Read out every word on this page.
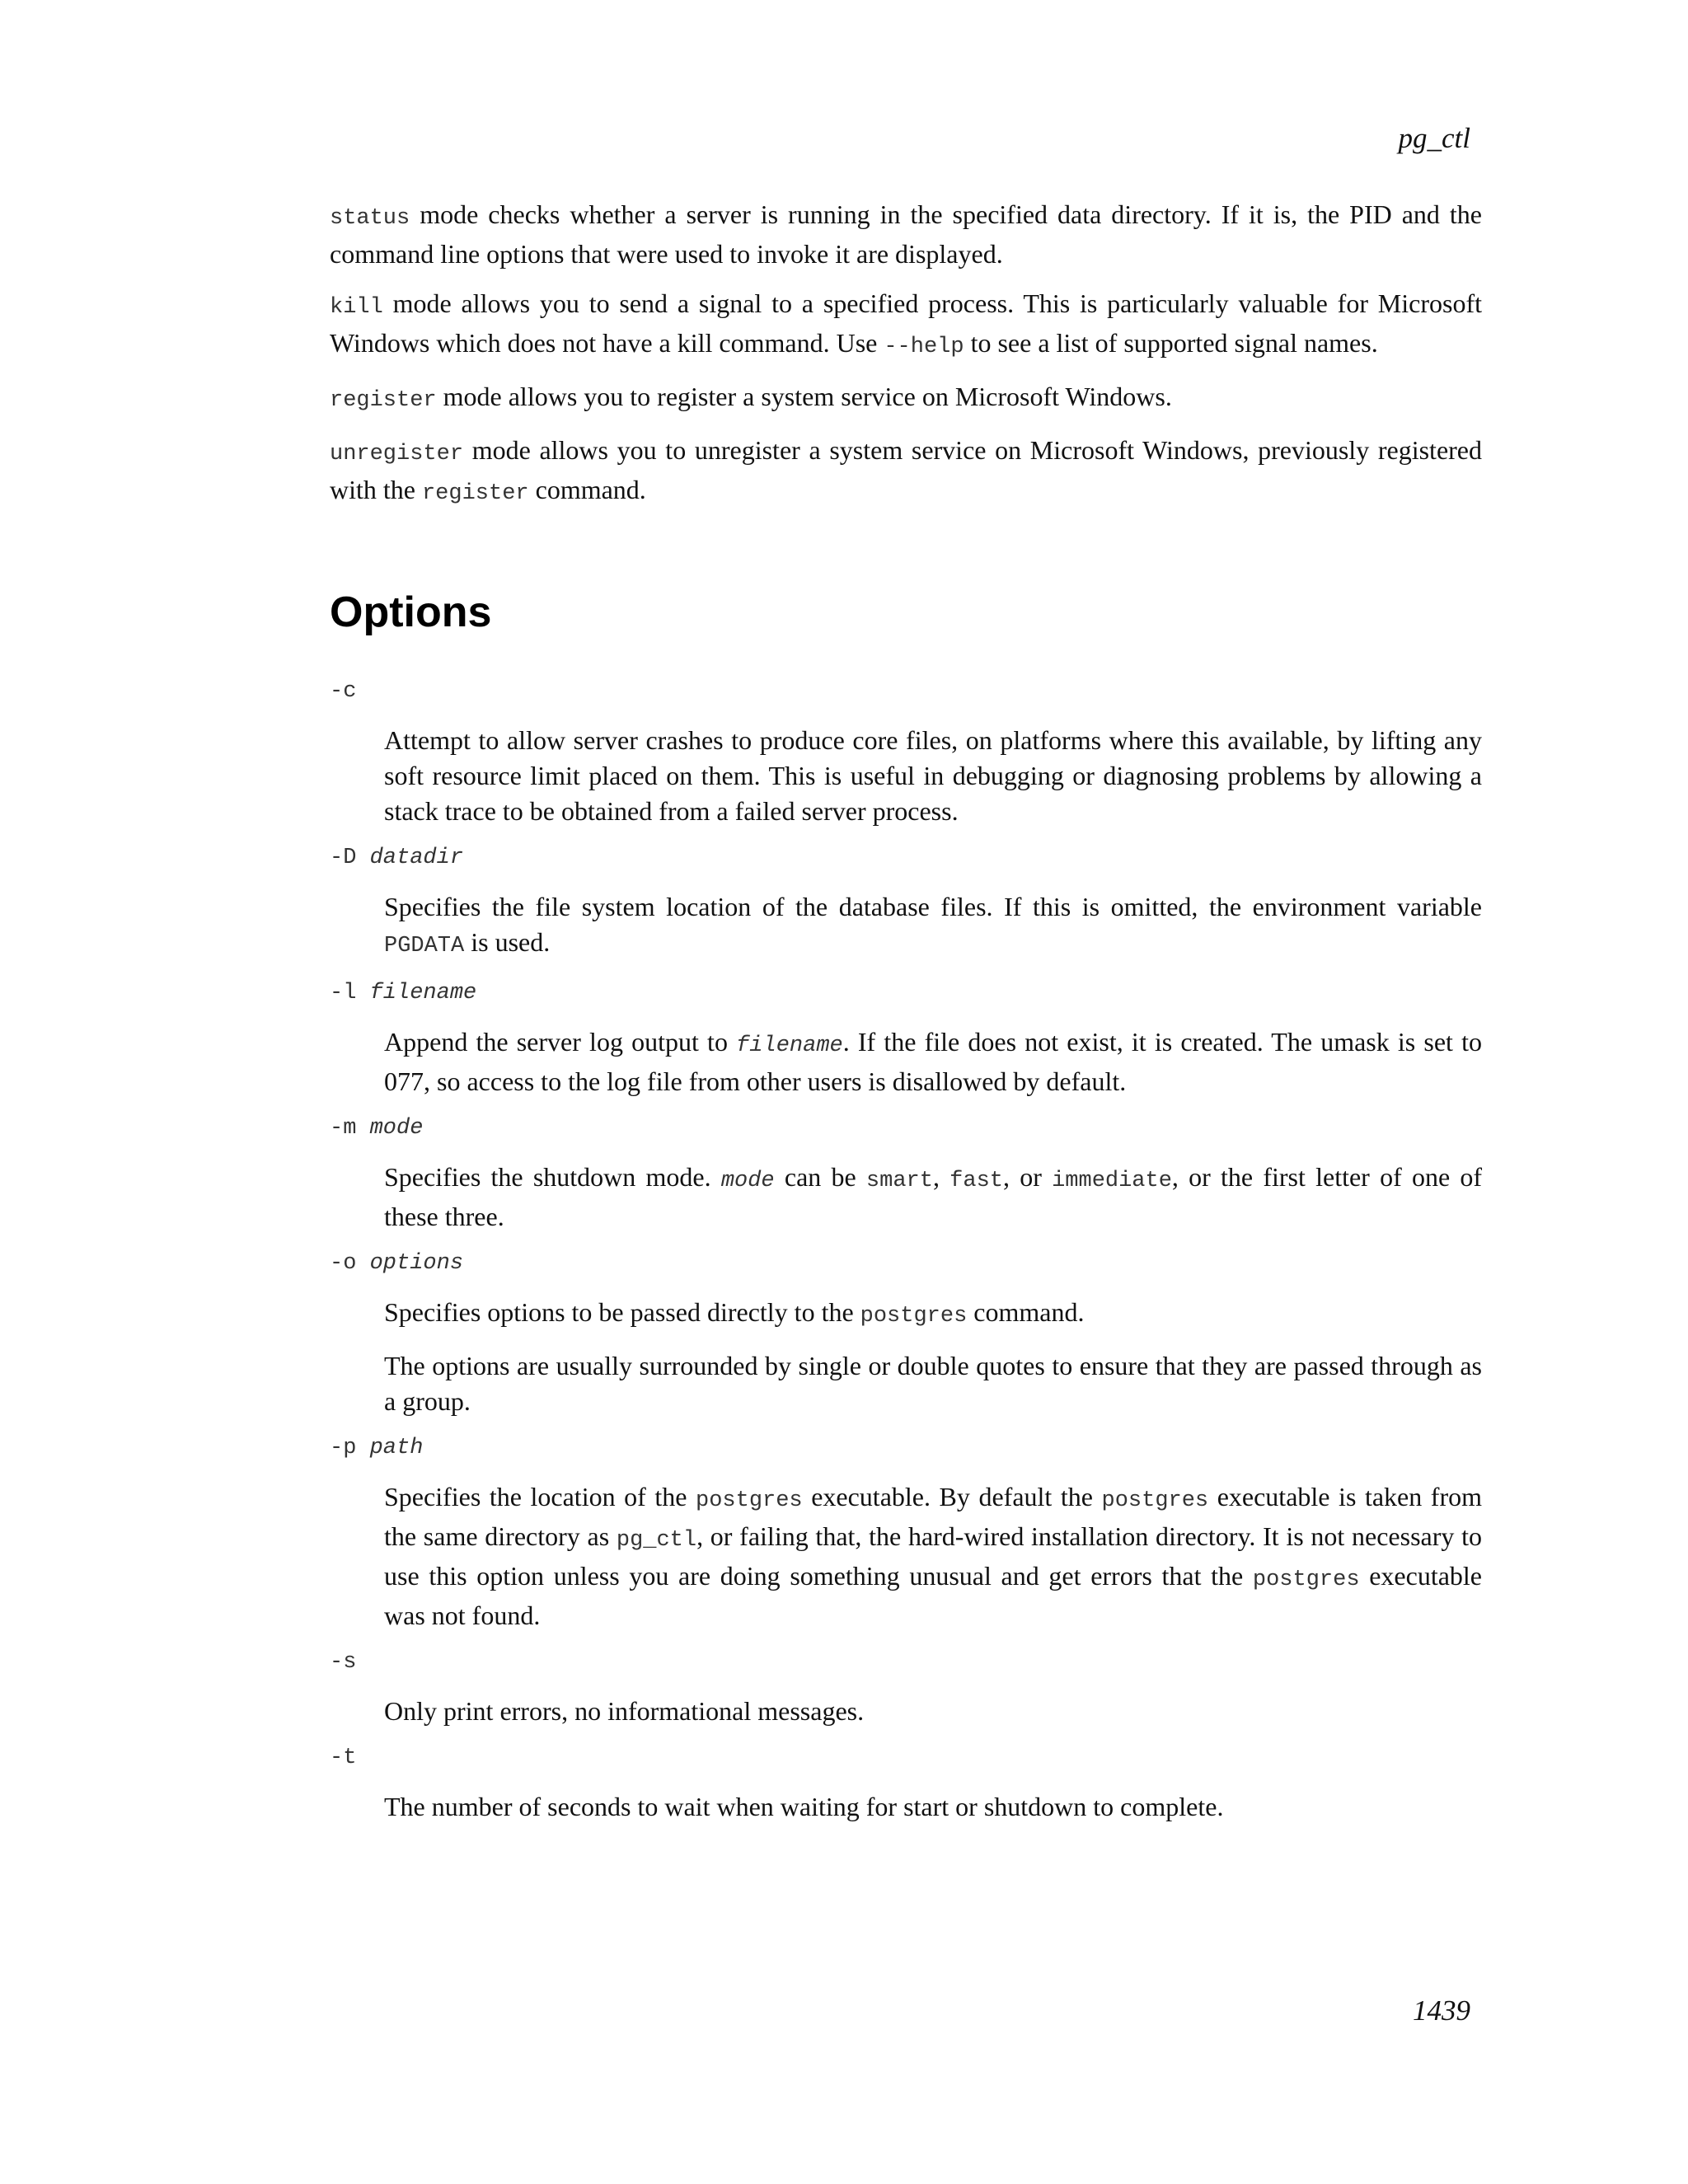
pg_ctl

status mode checks whether a server is running in the specified data directory. If it is, the PID and the command line options that were used to invoke it are displayed.

kill mode allows you to send a signal to a specified process. This is particularly valuable for Microsoft Windows which does not have a kill command. Use --help to see a list of supported signal names.

register mode allows you to register a system service on Microsoft Windows.

unregister mode allows you to unregister a system service on Microsoft Windows, previously registered with the register command.

Options
-c

Attempt to allow server crashes to produce core files, on platforms where this available, by lifting any soft resource limit placed on them. This is useful in debugging or diagnosing problems by allowing a stack trace to be obtained from a failed server process.

-D datadir

Specifies the file system location of the database files. If this is omitted, the environment variable PGDATA is used.

-l filename

Append the server log output to filename. If the file does not exist, it is created. The umask is set to 077, so access to the log file from other users is disallowed by default.

-m mode

Specifies the shutdown mode. mode can be smart, fast, or immediate, or the first letter of one of these three.

-o options

Specifies options to be passed directly to the postgres command.

The options are usually surrounded by single or double quotes to ensure that they are passed through as a group.

-p path

Specifies the location of the postgres executable. By default the postgres executable is taken from the same directory as pg_ctl, or failing that, the hard-wired installation directory. It is not necessary to use this option unless you are doing something unusual and get errors that the postgres executable was not found.

-s

Only print errors, no informational messages.

-t

The number of seconds to wait when waiting for start or shutdown to complete.

1439
